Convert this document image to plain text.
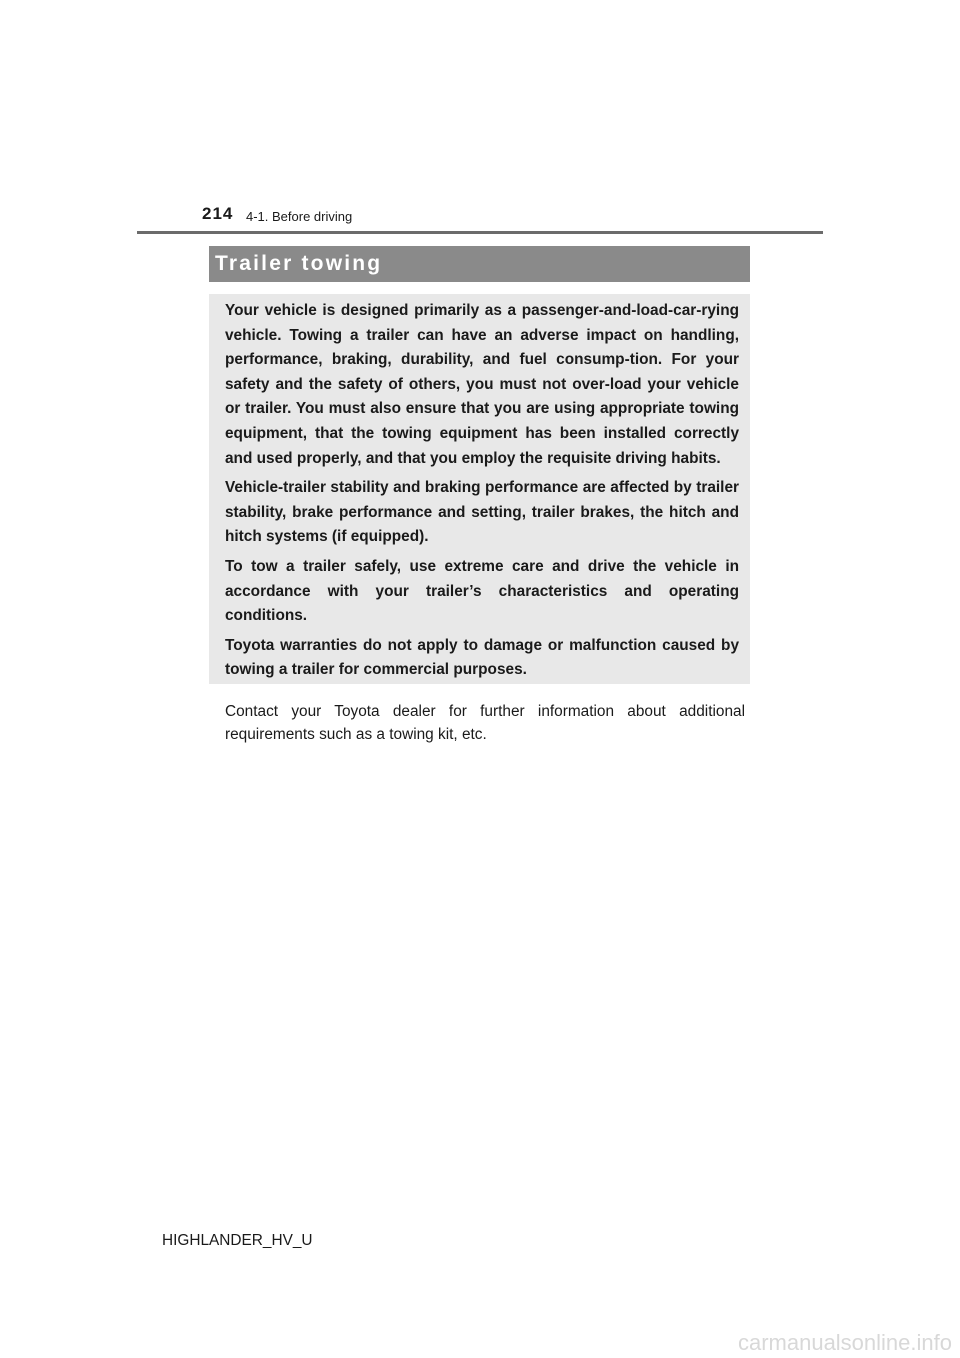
214 4-1. Before driving
Trailer towing

Your vehicle is designed primarily as a passenger-and-load-car-rying vehicle. Towing a trailer can have an adverse impact on handling, performance, braking, durability, and fuel consump-tion. For your safety and the safety of others, you must not over-load your vehicle or trailer. You must also ensure that you are using appropriate towing equipment, that the towing equipment has been installed correctly and used properly, and that you employ the requisite driving habits.

Vehicle-trailer stability and braking performance are affected by trailer stability, brake performance and setting, trailer brakes, the hitch and hitch systems (if equipped).

To tow a trailer safely, use extreme care and drive the vehicle in accordance with your trailer’s characteristics and operating conditions.

Toyota warranties do not apply to damage or malfunction caused by towing a trailer for commercial purposes.

Contact your Toyota dealer for further information about additional requirements such as a towing kit, etc.

HIGHLANDER_HV_U
carmanualsonline.info
